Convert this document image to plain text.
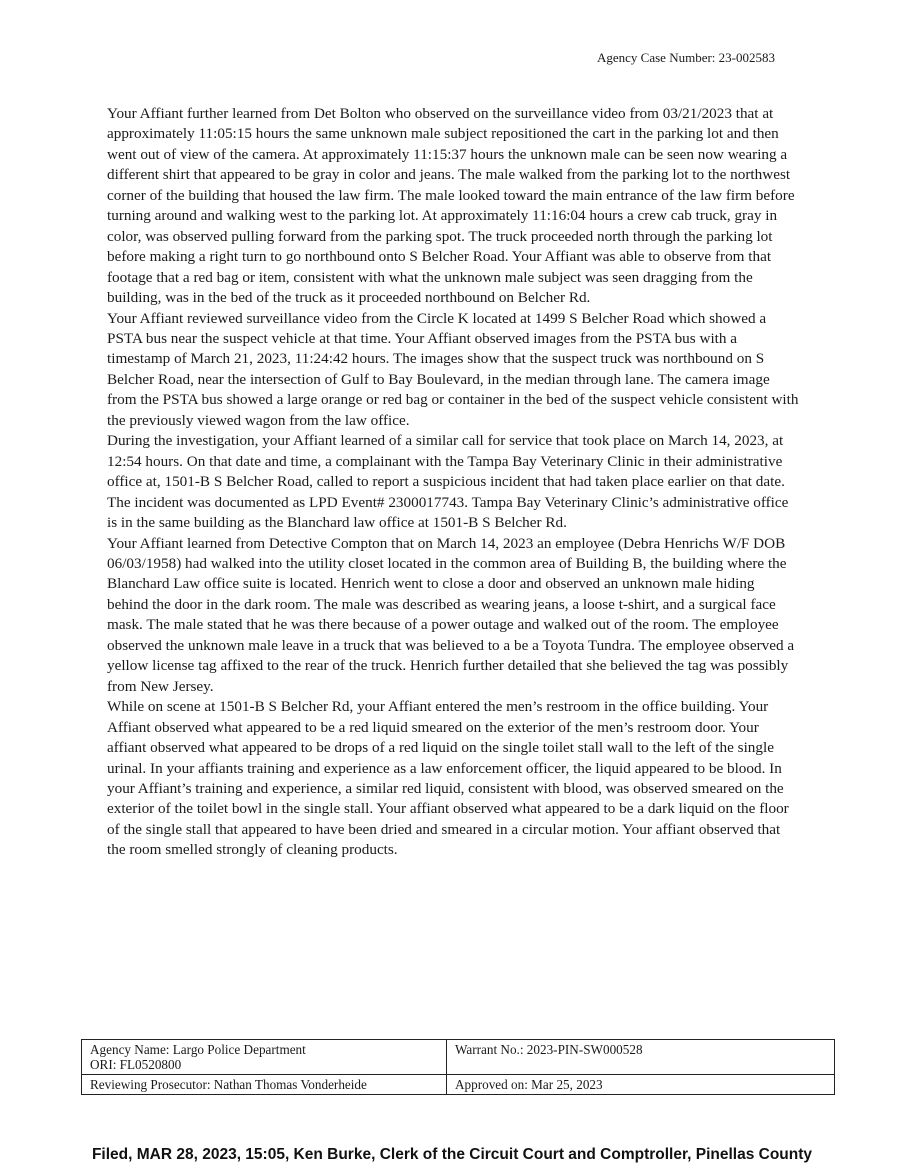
Agency Case Number: 23-002583

Your Affiant further learned from Det Bolton who observed on the surveillance video from 03/21/2023 that at approximately 11:05:15 hours the same unknown male subject repositioned the cart in the parking lot and then went out of view of the camera. At approximately 11:15:37 hours the unknown male can be seen now wearing a different shirt that appeared to be gray in color and jeans. The male walked from the parking lot to the northwest corner of the building that housed the law firm. The male looked toward the main entrance of the law firm before turning around and walking west to the parking lot. At approximately 11:16:04 hours a crew cab truck, gray in color, was observed pulling forward from the parking spot. The truck proceeded north through the parking lot before making a right turn to go northbound onto S Belcher Road. Your Affiant was able to observe from that footage that a red bag or item, consistent with what the unknown male subject was seen dragging from the building, was in the bed of the truck as it proceeded northbound on Belcher Rd.

Your Affiant reviewed surveillance video from the Circle K located at 1499 S Belcher Road which showed a PSTA bus near the suspect vehicle at that time. Your Affiant observed images from the PSTA bus with a

timestamp of March 21, 2023, 11:24:42 hours. The images show that the suspect truck was northbound on S Belcher Road, near the intersection of Gulf to Bay Boulevard, in the median through lane. The camera image from the PSTA bus showed a large orange or red bag or container in the bed of the suspect vehicle consistent with the previously viewed wagon from the law office.

During the investigation, your Affiant learned of a similar call for service that took place on March 14, 2023, at 12:54 hours. On that date and time, a complainant with the Tampa Bay Veterinary Clinic in their administrative office at, 1501-B S Belcher Road, called to report a suspicious incident that had taken place earlier on that date. The incident was documented as LPD Event# 2300017743. Tampa Bay Veterinary Clinic’s administrative office is in the same building as the Blanchard law office at 1501-B S Belcher Rd.

Your Affiant learned from Detective Compton that on March 14, 2023 an employee (Debra Henrichs W/F DOB 06/03/1958) had walked into the utility closet located in the common area of Building B, the building where the Blanchard Law office suite is located. Henrich went to close a door and observed an unknown male hiding behind the door in the dark room. The male was described as wearing jeans, a loose t-shirt, and a surgical face mask. The male stated that he was there because of a power outage and walked out of the room. The employee observed the unknown male leave in a truck that was believed to a be a Toyota Tundra. The employee observed a yellow license tag affixed to the rear of the truck. Henrich further detailed that she believed the tag was possibly from New Jersey.

While on scene at 1501-B S Belcher Rd, your Affiant entered the men’s restroom in the office building. Your Affiant observed what appeared to be a red liquid smeared on the exterior of the men’s restroom door. Your affiant observed what appeared to be drops of a red liquid on the single toilet stall wall to the left of the single urinal. In your affiants training and experience as a law enforcement officer, the liquid appeared to be blood. In your Affiant’s training and experience, a similar red liquid, consistent with blood, was observed smeared on the exterior of the toilet bowl in the single stall. Your affiant observed what appeared to be a dark liquid on the floor of the single stall that appeared to have been dried and smeared in a circular motion. Your affiant observed that the room smelled strongly of cleaning products.

Agency Name: Largo Police Department
ORI: FL0520800	Warrant No.: 2023-PIN-SW000528

Reviewing Prosecutor: Nathan Thomas Vonderheide	Approved on: Mar 25, 2023
Filed, MAR 28, 2023, 15:05, Ken Burke, Clerk of the Circuit Court and Comptroller, Pinellas County
